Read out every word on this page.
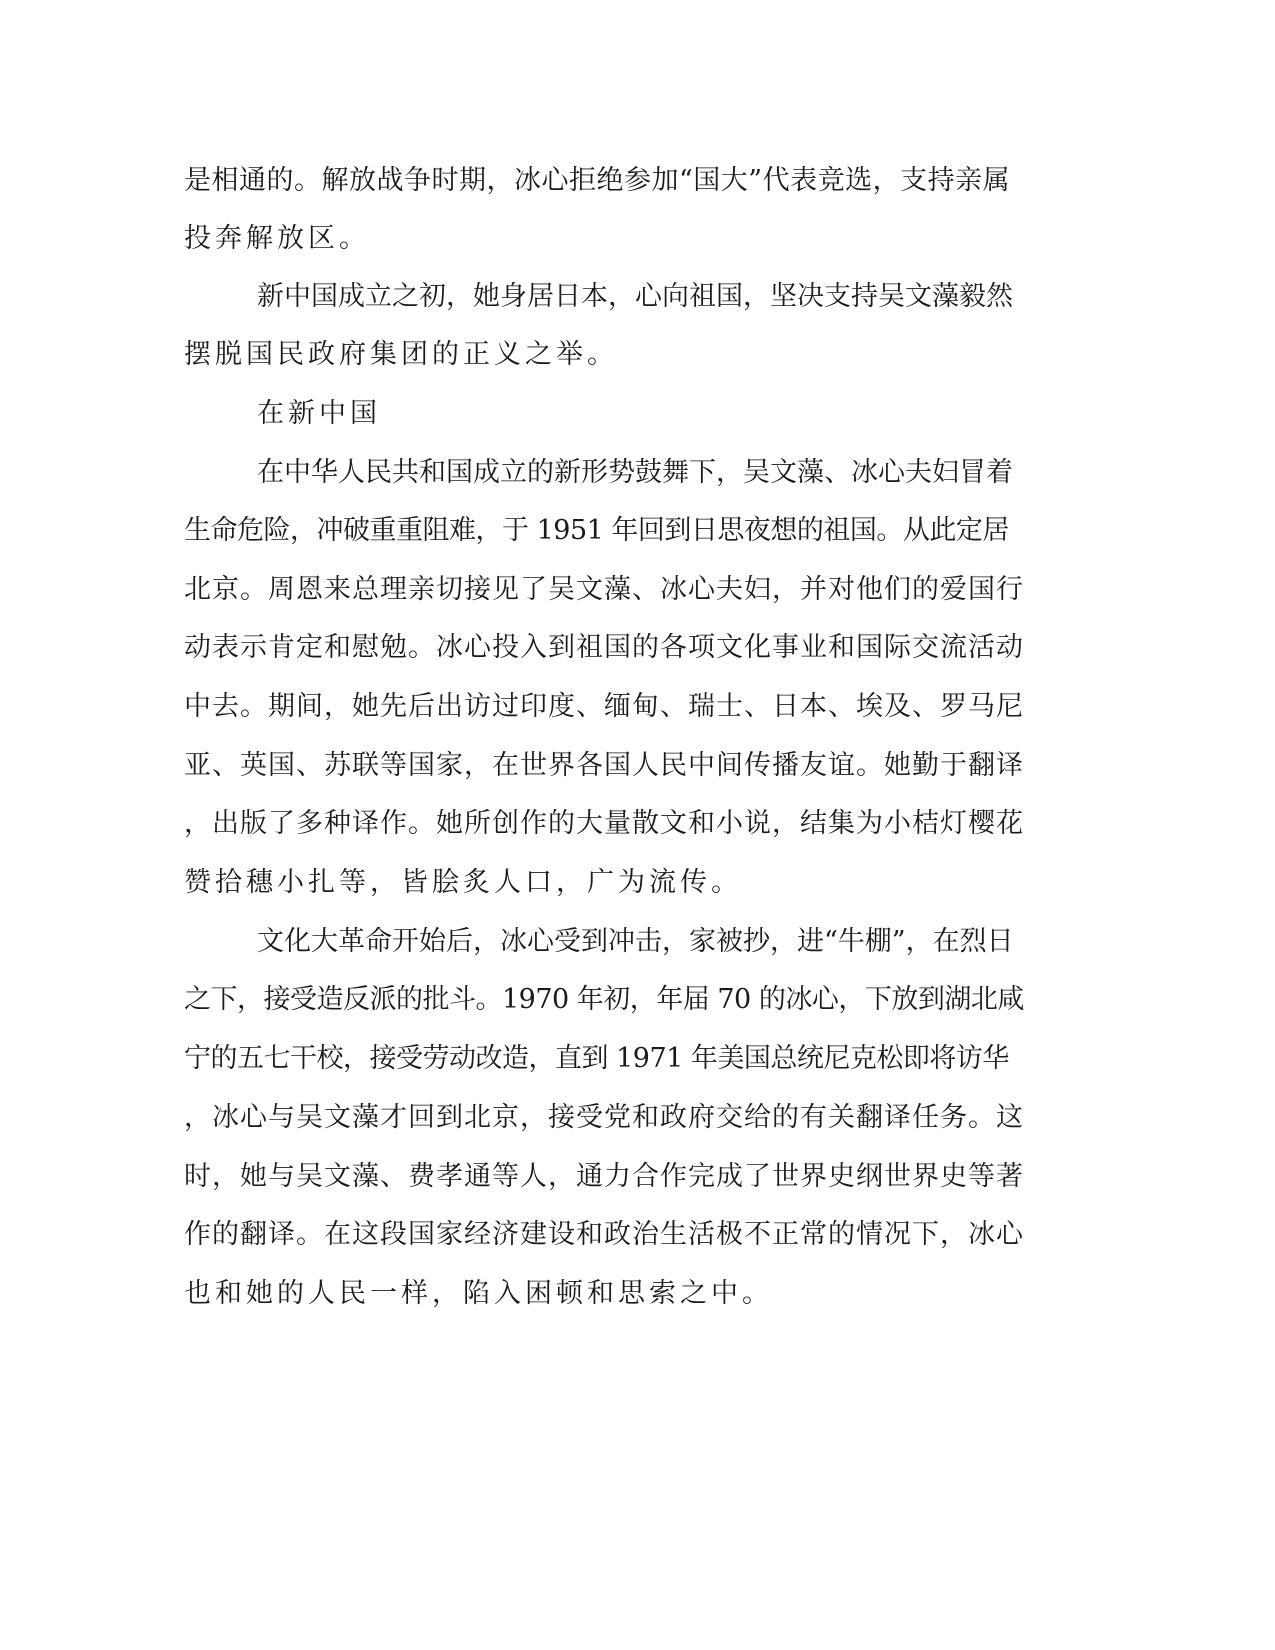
是相通的。解放战争时期，冰心拒绝参加“国大”代表竞选，支持亲属

投奔解放区。

新中国成立之初，她身居日本，心向祖国，坚决支持吴文藻毅然

摆脱国民政府集团的正义之举。

在新中国

在中华人民共和国成立的新形势鼓舞下，吴文藻、冰心夫妇冒着

生命危险，冲破重重阻难，于 1951 年回到日思夜想的祖国。从此定居

北京。周恩来总理亲切接见了吴文藻、冰心夫妇，并对他们的爱国行

动表示肯定和慰勉。冰心投入到祖国的各项文化事业和国际交流活动

中去。期间，她先后出访过印度、缅甸、瑞士、日本、埃及、罗马尼

亚、英国、苏联等国家，在世界各国人民中间传播友谊。她勤于翻译

，出版了多种译作。她所创作的大量散文和小说，结集为小桔灯樱花

赞拾穗小扎等，皆脍炙人口，广为流传。

文化大革命开始后，冰心受到冲击，家被抄，进“牛棚”，在烈日

之下，接受造反派的批斗。1970 年初，年届 70 的冰心，下放到湖北咸

宁的五七干校，接受劳动改造，直到 1971 年美国总统尼克松即将访华

，冰心与吴文藻才回到北京，接受党和政府交给的有关翻译任务。这

时，她与吴文藻、费孝通等人，通力合作完成了世界史纲世界史等著

作的翻译。在这段国家经济建设和政治生活极不正常的情况下，冰心

也和她的人民一样，陷入困顿和思索之中。
